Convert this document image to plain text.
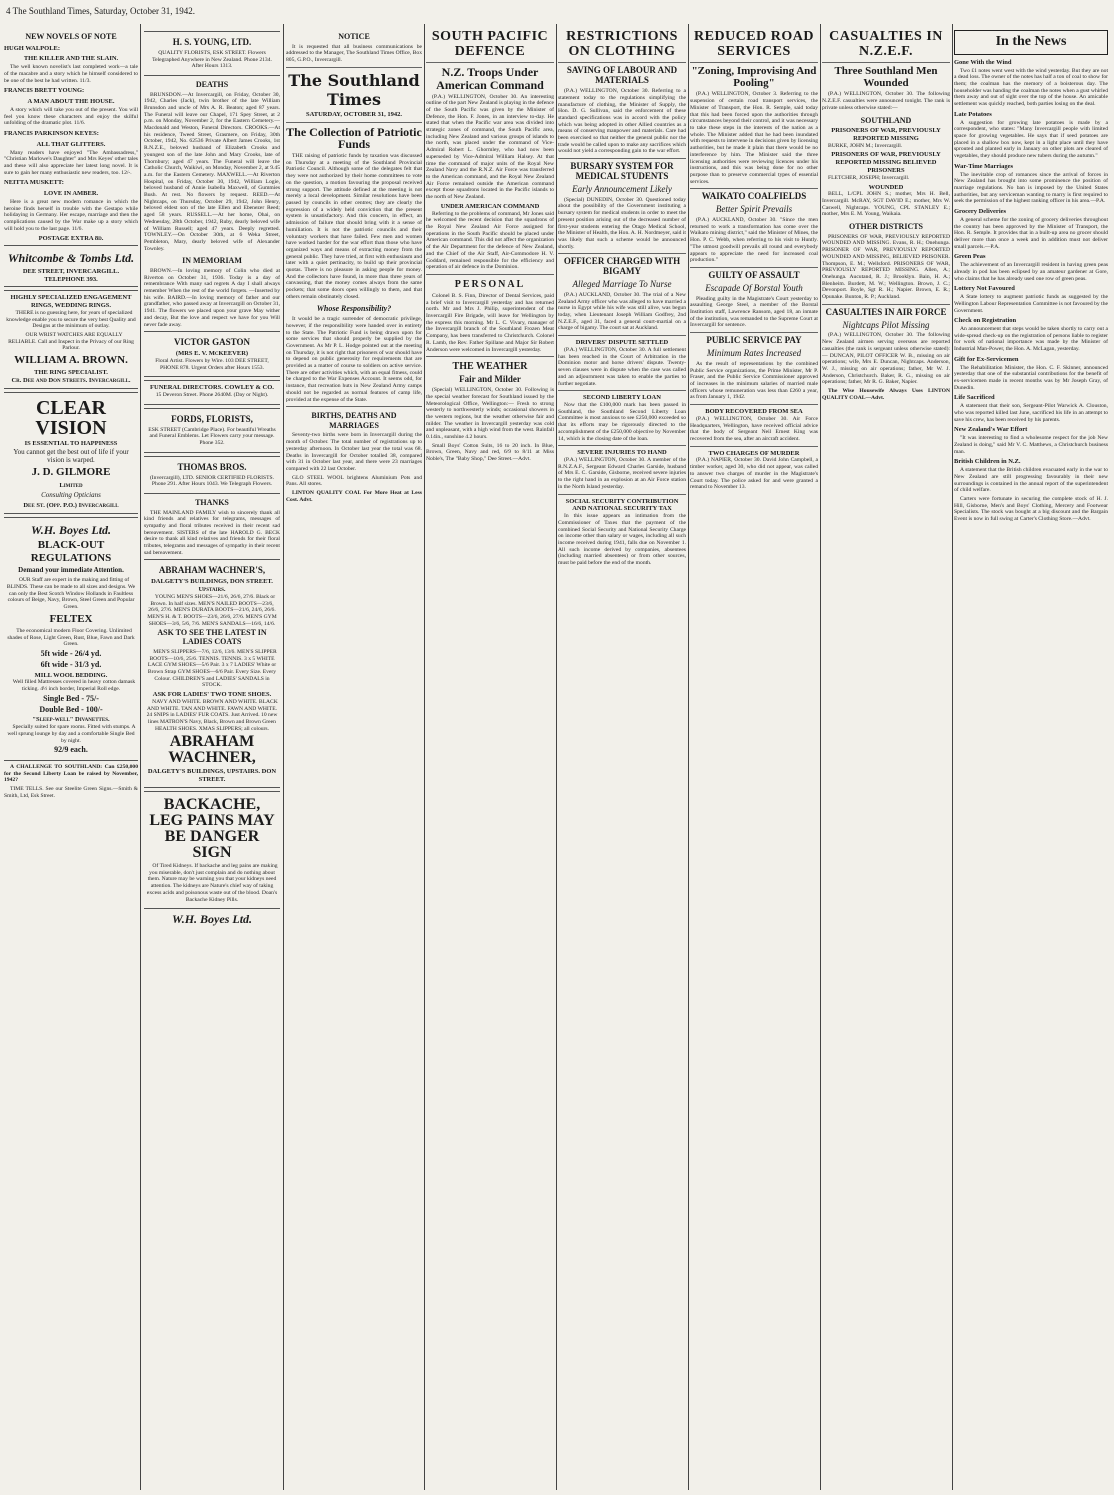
4 The Southland Times, Saturday, October 31, 1942.
NEW NOVELS OF NOTE
HUGH WALPOLE:
THE KILLER AND THE SLAIN.

The well known novelist's last completed work—a tale of the macabre and a story which he himself considered to be one of the best he had written. 11/3.

FRANCIS BRETT YOUNG:
A MAN ABOUT THE HOUSE.

A story which will take you out of the present. You will feel you know these characters and enjoy the skilful unfolding of the dramatic plot. 11/6.

FRANCIS PARKINSON KEYES:
ALL THAT GLITTERS.

Many readers have enjoyed "The Ambassadress," "Christian Marlowe's Daughter" and Mrs Keyes' other tales and these will also appreciate her latest long novel. It is sure to gain her many enthusiastic new readers, too. 12/-.

NEITTA MUSKETT:
LOVE IN AMBER.

Here is a great new modern romance in which the heroine finds herself in trouble with the Gestapo while holidaying in Germany. Her escape, marriage and then the complications caused by the War make up a story which will hold you to the last page. 11/6.

POSTAGE EXTRA 8d.
Whitcombe & Tombs Ltd.
DEE STREET, INVERCARGILL.
TELEPHONE 393.
HIGHLY SPECIALIZED ENGAGEMENT RINGS, WEDDING RINGS.

THERE is no guessing here, for years of specialized knowledge enable you to secure the very best Quality and Designs at the minimum of outlay.

OUR WRIST WATCHES ARE EQUALLY RELIABLE. Call and Inspect in the Privacy of our Ring Parlour.

WILLIAM A. BROWN.
THE RING SPECIALIST.
Cr. Dee and Don Streets. Invercargill.
CLEAR VISION
IS ESSENTIAL TO HAPPINESS

You cannot get the best out of life if your vision is warped.

J. D. GILMORE
Limited
Consulting Opticians
Dee St. (Opp. P.O.) Invercargill
W.H. Boyes Ltd.
BLACK-OUT REGULATIONS
Demand your immediate Attention.

OUR Staff are expert in the making and fitting of BLINDS. These can be made to all sizes and designs. We can only the Best Scotch Window Hollands in Faultless colours of Beige, Navy, Brown, Steel Green and Popular Green.

FELTEX

The economical modern Floor Covering. Unlimited shades of Rose, Light Green, Rust, Blue, Fawn and Dark Green.

5ft wide - 26/4 yd.
6ft wide - 31/3 yd.
MILL WOOL BEDDING.

Well filled Mattresses covered in heavy cotton damask ticking. 4½ inch border, Imperial Roll edge.

Single Bed - 75/-
Double Bed - 100/-
"Sleep-well" Divanettes.

Specially suited for spare rooms. Fitted with stumps. A well sprung lounge by day and a comfortable Single Bed by night.

92/9 each.

A CHALLENGE TO SOUTHLAND: Can £250,000 for the Second Liberty Loan be raised by November, 1942?

TIME TELLS. See our Steelite Green Signs.—Smith & Smith, Ltd, Esk Street.

H. S. YOUNG, LTD.

QUALITY FLORISTS, ESK STREET. Flowers Telegraphed Anywhere in New Zealand. Phone 2134. After Hours 1313.

DEATHS

BRUNSDON.—At Invercargill, on Friday, October 30, 1942, Charles (Jack), twin brother of the late William Brunsdon and uncle of Mrs A. R. Beaton; aged 87 years. The Funeral will leave our Chapel, 171 Spey Street, at 2 p.m. on Monday, November 2, for the Eastern Cemetery.—Macdonald and Weston, Funeral Directors. CROOKS.—At his residence, Tweed Street, Grasmere, on Friday, 30th October, 1942, No. 62536 Private Albert James Crooks, 1st R.N.Z.E., beloved husband of Elizabeth Crooks and youngest son of the late John and Mary Crooks, late of Thornbury; aged 47 years. The Funeral will leave the Catholic Church, Waikiwi, on Monday, November 2, at 9.45 a.m. for the Eastern Cemetery. MAXWELL.—At Riverton Hospital, on Friday, October 30, 1942, William Logie, beloved husband of Annie Isabella Maxwell, of Gummies Bush. At rest. No flowers by request. REED.—At Nightcaps, on Thursday, October 29, 1942, John Henry, beloved eldest son of the late Ellen and Ebenezer Reed; aged 58 years. RUSSELL.—At her home, Ohai, on Wednesday, 28th October, 1942, Ruby, dearly beloved wife of William Russell; aged 47 years. Deeply regretted. TOWNLEY.—On October 30th, at 6 Weka Street, Pembleton, Mary, dearly beloved wife of Alexander Townley.

IN MEMORIAM

BROWN.—In loving memory of Colin who died at Riverton on October 31, 1936. Today is a day of remembrance With many sad regrets A day I shall always remember When the rest of the world forgets. —Inserted by his wife. BAIRD.—In loving memory of father and our grandfather, who passed away at Invercargill on October 31, 1941. The flowers we placed upon your grave May wither and decay, But the love and respect we have for you Will never fade away.

VICTOR GASTON
(MRS E. V. McKEEVER)

Floral Artist. Flowers by Wire. 103 DEE STREET, PHONE 878. Urgent Orders after Hours 1553.

FUNERAL DIRECTORS. COWLEY & CO.

15 Deveron Street. Phone 2640M. (Day or Night).

FORDS, FLORISTS,

ESK STREET (Cambridge Place). For beautiful Wreaths and Funeral Emblems. Let Flowers carry your message. Phone 352.

THOMAS BROS.

(Invercargill), LTD. SENIOR CERTIFIED FLORISTS. Phone 291. After Hours 1043. We Telegraph Flowers.

THANKS

THE MAINLAND FAMILY wish to sincerely thank all kind friends and relatives for telegrams, messages of sympathy and floral tributes received in their recent sad bereavement. SISTERS of the late HAROLD G. BECK desire to thank all kind relatives and friends for their floral tributes, telegrams and messages of sympathy in their recent sad bereavement.

ABRAHAM WACHNER'S,
DALGETY'S BUILDINGS, DON STREET. Upstairs.

YOUNG MEN'S SHOES—21/6, 26/6, 27/6. Black or Brown. In half sizes. MEN'S NAILED BOOTS—23/6, 26/6, 27/6. MEN'S DURATA BOOTS—21/6, 24/6, 26/6. MEN'S H. & T. BOOTS—23/6, 26/6, 27/6. MEN'S GYM SHOES—3/6, 5/6, 7/6. MEN'S SANDALS—16/6, 14/6.

ASK TO SEE THE LATEST IN LADIES COATS

MEN'S SLIPPERS—7/6, 12/6, 13/6. MEN'S SLIPPER BOOTS—10/6, 25/6. TENNIS. TENNIS. 3 x 5 WHITE LACE GYM SHOES—5/6 Pair. 3 x 7 LADIES' White or Brown Strap GYM SHOES—6/6 Pair. Every Size. Every Colour. CHILDREN'S and LADIES' SANDALS in STOCK.

ASK FOR LADIES' TWO TONE SHOES.

NAVY AND WHITE. BROWN AND WHITE. BLACK AND WHITE. TAN AND WHITE. FAWN AND WHITE. 24 SNIPS in LADIES' FUR COATS. Just Arrived. 10 new lines MATRON'S Navy, Black, Brown and Brown Green HEALTH SHOES. XMAS SLIPPERS; all colours.

ABRAHAM WACHNER,
DALGETY'S BUILDINGS, UPSTAIRS. DON STREET.
BACKACHE, LEG PAINS MAY BE DANGER SIGN

Of Tired Kidneys. If backache and leg pains are making you miserable, don't just complain and do nothing about them. Nature may be warning you that your kidneys need attention. The kidneys are Nature's chief way of taking excess acids and poisonous waste out of the blood. Doan's Backache Kidney Pills.

W.H. Boyes Ltd.
NOTICE

It is requested that all business communications be addressed to the Manager, The Southland Times Office, Box 805, G.P.O., Invercargill.

The Southland Times
SATURDAY, OCTOBER 31, 1942.
The Collection of Patriotic Funds

THE raising of patriotic funds by taxation was discussed on Thursday at a meeting of the Southland Provincial Patriotic Council. Although some of the delegates felt that they were not authorized by their home committees to vote on the question, a motion favouring the proposal received strong support. The attitude defined at the meeting is not merely a local development. Similar resolutions have been passed by councils in other centres; they are clearly the expression of a widely held conviction that the present system is unsatisfactory. And this concern, in effect, an admission of failure that should bring with it a sense of humiliation. It is not the patriotic councils and their voluntary workers that have failed. Few men and women have worked harder for the war effort than those who have organized ways and means of extracting money from the general public. They have tried, at first with enthusiasm and later with a quiet pertinacity, to build up their provincial quotas. There is no pleasure in asking people for money. And the collectors have found, in more than three years of canvassing, that the money comes always from the same pockets; that some doors open willingly to them, and that others remain obstinately closed.

Whose Responsibility?

It would be a tragic surrender of democratic privilege, however, if the responsibility were handed over in entirety to the State. The Patriotic Fund is being drawn upon for some services that should properly be supplied by the Government. As Mr P. L. Hodge pointed out at the meeting on Thursday, it is not right that prisoners of war should have to depend on public generosity for requirements that are provided as a matter of course to soldiers on active service. There are other activities which, with an equal fitness, could be charged to the War Expenses Account. It seems odd, for instance, that recreation huts in New Zealand Army camps should not be regarded as normal features of camp life, provided at the expense of the State.

BIRTHS, DEATHS AND MARRIAGES

Seventy-two births were born in Invercargill during the month of October. The total number of registrations up to yesterday afternoon. In October last year the total was 68. Deaths in Invercargill for October totalled 38, compared with 31 in October last year, and there were 23 marriages compared with 22 last October.

GLO STEEL WOOL brightens Aluminium Pots and Pans. All stores.

LINTON QUALITY COAL For More Heat at Less Cost. Advt.

SOUTH PACIFIC DEFENCE
N.Z. Troops Under American Command

(P.A.) WELLINGTON, October 30. An interesting outline of the part New Zealand is playing in the defence of the South Pacific was given by the Minister of Defence, the Hon. F. Jones, in an interview to-day. He stated that when the Pacific war area was divided into strategic zones of command, the South Pacific area, including New Zealand and various groups of islands to the north, was placed under the command of Vice-Admiral Robert L. Ghormley, who had now been superseded by Vice-Admiral William Halsey. At that time the command of major units of the Royal New Zealand Navy and the R.N.Z. Air Force was transferred to the American command, and the Royal New Zealand Air Force remained outside the American command except those squadrons located in the Pacific islands to the north of New Zealand.

UNDER AMERICAN COMMAND

Referring to the problems of command, Mr Jones said he welcomed the recent decision that the squadrons of the Royal New Zealand Air Force assigned for operations in the South Pacific should be placed under American command. This did not affect the organization of the Air Department for the defence of New Zealand, and the Chief of the Air Staff, Air-Commodore H. V. Goddard, remained responsible for the efficiency and operation of air defence in the Dominion.

PERSONAL

Colonel B. S. Finn, Director of Dental Services, paid a brief visit to Invercargill yesterday and has returned north. Mr and Mrs J. Philip, superintendent of the Invercargill Fire Brigade, will leave for Wellington by the express this morning. Mr L. C. Vivary, manager of the Invercargill branch of the Southland Frozen Meat Company, has been transferred to Christchurch. Colonel R. Lamb, the Rev. Father Spillane and Major Sir Robert Anderson were welcomed in Invercargill yesterday.

THE WEATHER
Fair and Milder

(Special) WELLINGTON, October 30. Following is the special weather forecast for Southland issued by the Meteorological Office, Wellington:— Fresh to strong westerly to northwesterly winds; occasional showers in the western regions, but the weather otherwise fair and milder. The weather in Invercargill yesterday was cold and unpleasant, with a high wind from the west. Rainfall 0.14in., sunshine 4.2 hours.

Small Boys' Cotton Suits, 16 to 20 inch. In Blue, Brown, Green, Navy and red, 6/9 to 8/11 at Miss Noble's, The "Baby Shop," Dee Street.—Advt.

RESTRICTIONS ON CLOTHING
SAVING OF LABOUR AND MATERIALS

(P.A.) WELLINGTON, October 30. Referring to a statement today to the regulations simplifying the manufacture of clothing, the Minister of Supply, the Hon. D. G. Sullivan, said the enforcement of these standard specifications was in accord with the policy which was being adopted in other Allied countries as a means of conserving manpower and materials. Care had been exercised so that neither the general public nor the trade would be called upon to make any sacrifices which would not yield a corresponding gain to the war effort.

BURSARY SYSTEM FOR MEDICAL STUDENTS
Early Announcement Likely

(Special) DUNEDIN, October 30. Questioned today about the possibility of the Government instituting a bursary system for medical students in order to meet the present position arising out of the decreased number of first-year students entering the Otago Medical School, the Minister of Health, the Hon. A. H. Nordmeyer, said it was likely that such a scheme would be announced shortly.

OFFICER CHARGED WITH BIGAMY
Alleged Marriage To Nurse

(P.A.) AUCKLAND, October 30. The trial of a New Zealand Army officer who was alleged to have married a nurse in Egypt while his wife was still alive, was begun today, when Lieutenant Joseph William Godfrey, 2nd N.Z.E.F., aged 31, faced a general court-martial on a charge of bigamy. The court sat at Auckland.

DRIVERS' DISPUTE SETTLED

(P.A.) WELLINGTON, October 30. A full settlement has been reached in the Court of Arbitration in the Dominion motor and horse drivers' dispute. Twenty-seven clauses were in dispute when the case was called and an adjournment was taken to enable the parties to further negotiate.

SECOND LIBERTY LOAN

Now that the £100,000 mark has been passed in Southland, the Southland Second Liberty Loan Committee is most anxious to see £250,000 exceeded so that its efforts may be rigorously directed to the accomplishment of the £250,000 objective by November 14, which is the closing date of the loan.

SEVERE INJURIES TO HAND

(P.A.) WELLINGTON, October 30. A member of the R.N.Z.A.F., Sergeant Edward Charles Garside, husband of Mrs E. C. Garside, Gisborne, received severe injuries to the right hand in an explosion at an Air Force station in the North Island yesterday.

SOCIAL SECURITY CONTRIBUTION AND NATIONAL SECURITY TAX

In this issue appears an intimation from the Commissioner of Taxes that the payment of the combined Social Security and National Security Charge on income other than salary or wages, including all such income received during 1941, falls due on November 1. All such income derived by companies, absentees (including married absentees) or from other sources, must be paid before the end of the month.

REDUCED ROAD SERVICES
"Zoning, Improvising And Pooling"

(P.A.) WELLINGTON, October 3. Referring to the suspension of certain road transport services, the Minister of Transport, the Hon. R. Semple, said today that this had been forced upon the authorities through circumstances beyond their control, and it was necessary to take these steps in the interests of the nation as a whole. The Minister added that he had been inundated with requests to intervene in decisions given by licensing authorities, but he made it plain that there would be no interference by him. The Minister said the three licensing authorities were reviewing licences under his instructions, and this was being done for no other purpose than to preserve commercial types of essential services.

WAIKATO COALFIELDS
Better Spirit Prevails

(P.A.) AUCKLAND, October 30. "Since the men returned to work a transformation has come over the Waikato mining district," said the Minister of Mines, the Hon. P. C. Webb, when referring to his visit to Huntly. "The utmost goodwill prevails all round and everybody appears to appreciate the need for increased coal production."

GUILTY OF ASSAULT
Escapade Of Borstal Youth

Pleading guilty in the Magistrate's Court yesterday to assaulting George Steel, a member of the Borstal Institution staff, Lawrence Ransom, aged 18, an inmate of the institution, was remanded to the Supreme Court at Invercargill for sentence.

PUBLIC SERVICE PAY
Minimum Rates Increased

As the result of representations by the combined Public Service organizations, the Prime Minister, Mr P. Fraser, and the Public Service Commissioner approved of increases in the minimum salaries of married male officers whose remuneration was less than £260 a year, as from January 1, 1942.

BODY RECOVERED FROM SEA

(P.A.) WELLINGTON, October 30. Air Force Headquarters, Wellington, have received official advice that the body of Sergeant Neil Ernest King was recovered from the sea, after an aircraft accident.

TWO CHARGES OF MURDER

(P.A.) NAPIER, October 30. David John Campbell, a timber worker, aged 30, who did not appear, was called to answer two charges of murder in the Magistrate's Court today. The police asked for and were granted a remand to November 13.

CASUALTIES IN N.Z.E.F.
Three Southland Men Wounded

(P.A.) WELLINGTON, October 30. The following N.Z.E.F. casualties were announced tonight. The rank is private unless otherwise stated:—

SOUTHLAND
PRISONERS OF WAR, PREVIOUSLY REPORTED MISSING

BURKE, JOHN M.; Invercargill.

PRISONERS OF WAR, PREVIOUSLY REPORTED MISSING BELIEVED PRISONERS

FLETCHER, JOSEPH; Invercargill.

WOUNDED

BELL, L/CPL JOHN S.; mother, Mrs H. Bell, Invercargill. McRAY, SGT DAVID E.; mother, Mrs W. Caswell, Nightcaps. YOUNG, CPL STANLEY E.; mother, Mrs E. M. Young, Waikaia.

OTHER DISTRICTS

PRISONERS OF WAR, PREVIOUSLY REPORTED WOUNDED AND MISSING. Evans, R. H.; Onehunga. PRISONER OF WAR, PREVIOUSLY REPORTED WOUNDED AND MISSING, BELIEVED PRISONER. Thompson, E. M.; Wellsford. PRISONERS OF WAR, PREVIOUSLY REPORTED MISSING. Allen, A.; Onehunga. Aucutand, R. J.; Brooklyn. Bain, H. A.; Blenheim. Burdett, M. W.; Wellington. Brown, J. C.; Devonport. Boyle, Sgt R. H.; Napier. Brown, E. R.; Opunake. Bunton, R. P.; Auckland.

CASUALTIES IN AIR FORCE
Nightcaps Pilot Missing

(P.A.) WELLINGTON, October 30. The following New Zealand airmen serving overseas are reported casualties (the rank is sergeant unless otherwise stated):— DUNCAN, PILOT OFFICER W. B., missing on air operations; wife, Mrs E. Duncan, Nightcaps. Anderson, W. J., missing on air operations; father, Mr W. J. Anderson, Christchurch. Baker, R. G., missing on air operations; father, Mr R. G. Baker, Napier.

The Wise Housewife Always Uses LINTON QUALITY COAL—Advt.

In the News
Gone With the Wind

Two £1 notes went west with the wind yesterday. But they are not a dead loss. The owner of the notes has half a ton of coal to show for them; the coalman has the memory of a boisterous day. The householder was handing the coalman the notes when a gust whirled them away and out of sight over the top of the house. An amicable settlement was quickly reached, both parties losing on the deal.

Late Potatoes

A suggestion for growing late potatoes is made by a correspondent, who states: "Many Invercargill people with limited space for growing vegetables. He says that if seed potatoes are placed in a shallow box now, kept in a light place until they have sprouted and planted early in January on other plots are cleared of vegetables, they should produce new tubers during the autumn."

War-Time Marriages

The inevitable crop of romances since the arrival of forces in New Zealand has brought into some prominence the position of marriage regulations. No ban is imposed by the United States authorities, but any serviceman wanting to marry is first required to seek the permission of the highest ranking officer in his area.—P.A.

Grocery Deliveries

A general scheme for the zoning of grocery deliveries throughout the country has been approved by the Minister of Transport, the Hon. R. Semple. It provides that in a built-up area no grocer should deliver more than once a week and in addition must not deliver small parcels.—P.A.

Green Peas

The achievement of an Invercargill resident in having green peas already in pod has been eclipsed by an amateur gardener at Gore, who claims that he has already used one row of green peas.

Lottery Not Favoured

A State lottery to augment patriotic funds as suggested by the Wellington Labour Representation Committee is not favoured by the Government.

Check on Registration

An announcement that steps would be taken shortly to carry out a wide-spread check-up on the registration of persons liable to register for work of national importance was made by the Minister of Industrial Man-Power, the Hon. A. McLagan, yesterday.

Gift for Ex-Servicemen

The Rehabilitation Minister, the Hon. C. F. Skinner, announced yesterday that one of the substantial contributions for the benefit of ex-servicemen made in recent months was by Mr Joseph Gray, of Dunedin.

Life Sacrificed

A statement that their son, Sergeant-Pilot Warwick A. Clouston, who was reported killed last June, sacrificed his life in an attempt to save his crew, has been received by his parents.

New Zealand's War Effort

"It was interesting to find a wholesome respect for the job New Zealand is doing," said Mr V. C. Matthews, a Christchurch business man.

British Children in N.Z.

A statement that the British children evacuated early in the war to New Zealand are still progressing favourably in their new surroundings is contained in the annual report of the superintendent of child welfare.

Carters were fortunate in securing the complete stock of H. J. Hill, Gisborne, Men's and Boys' Clothing, Mercery and Footwear Specialists. The stock was bought at a big discount and the Bargain Event is now in full swing at Carter's Clothing Store.—Advt.
